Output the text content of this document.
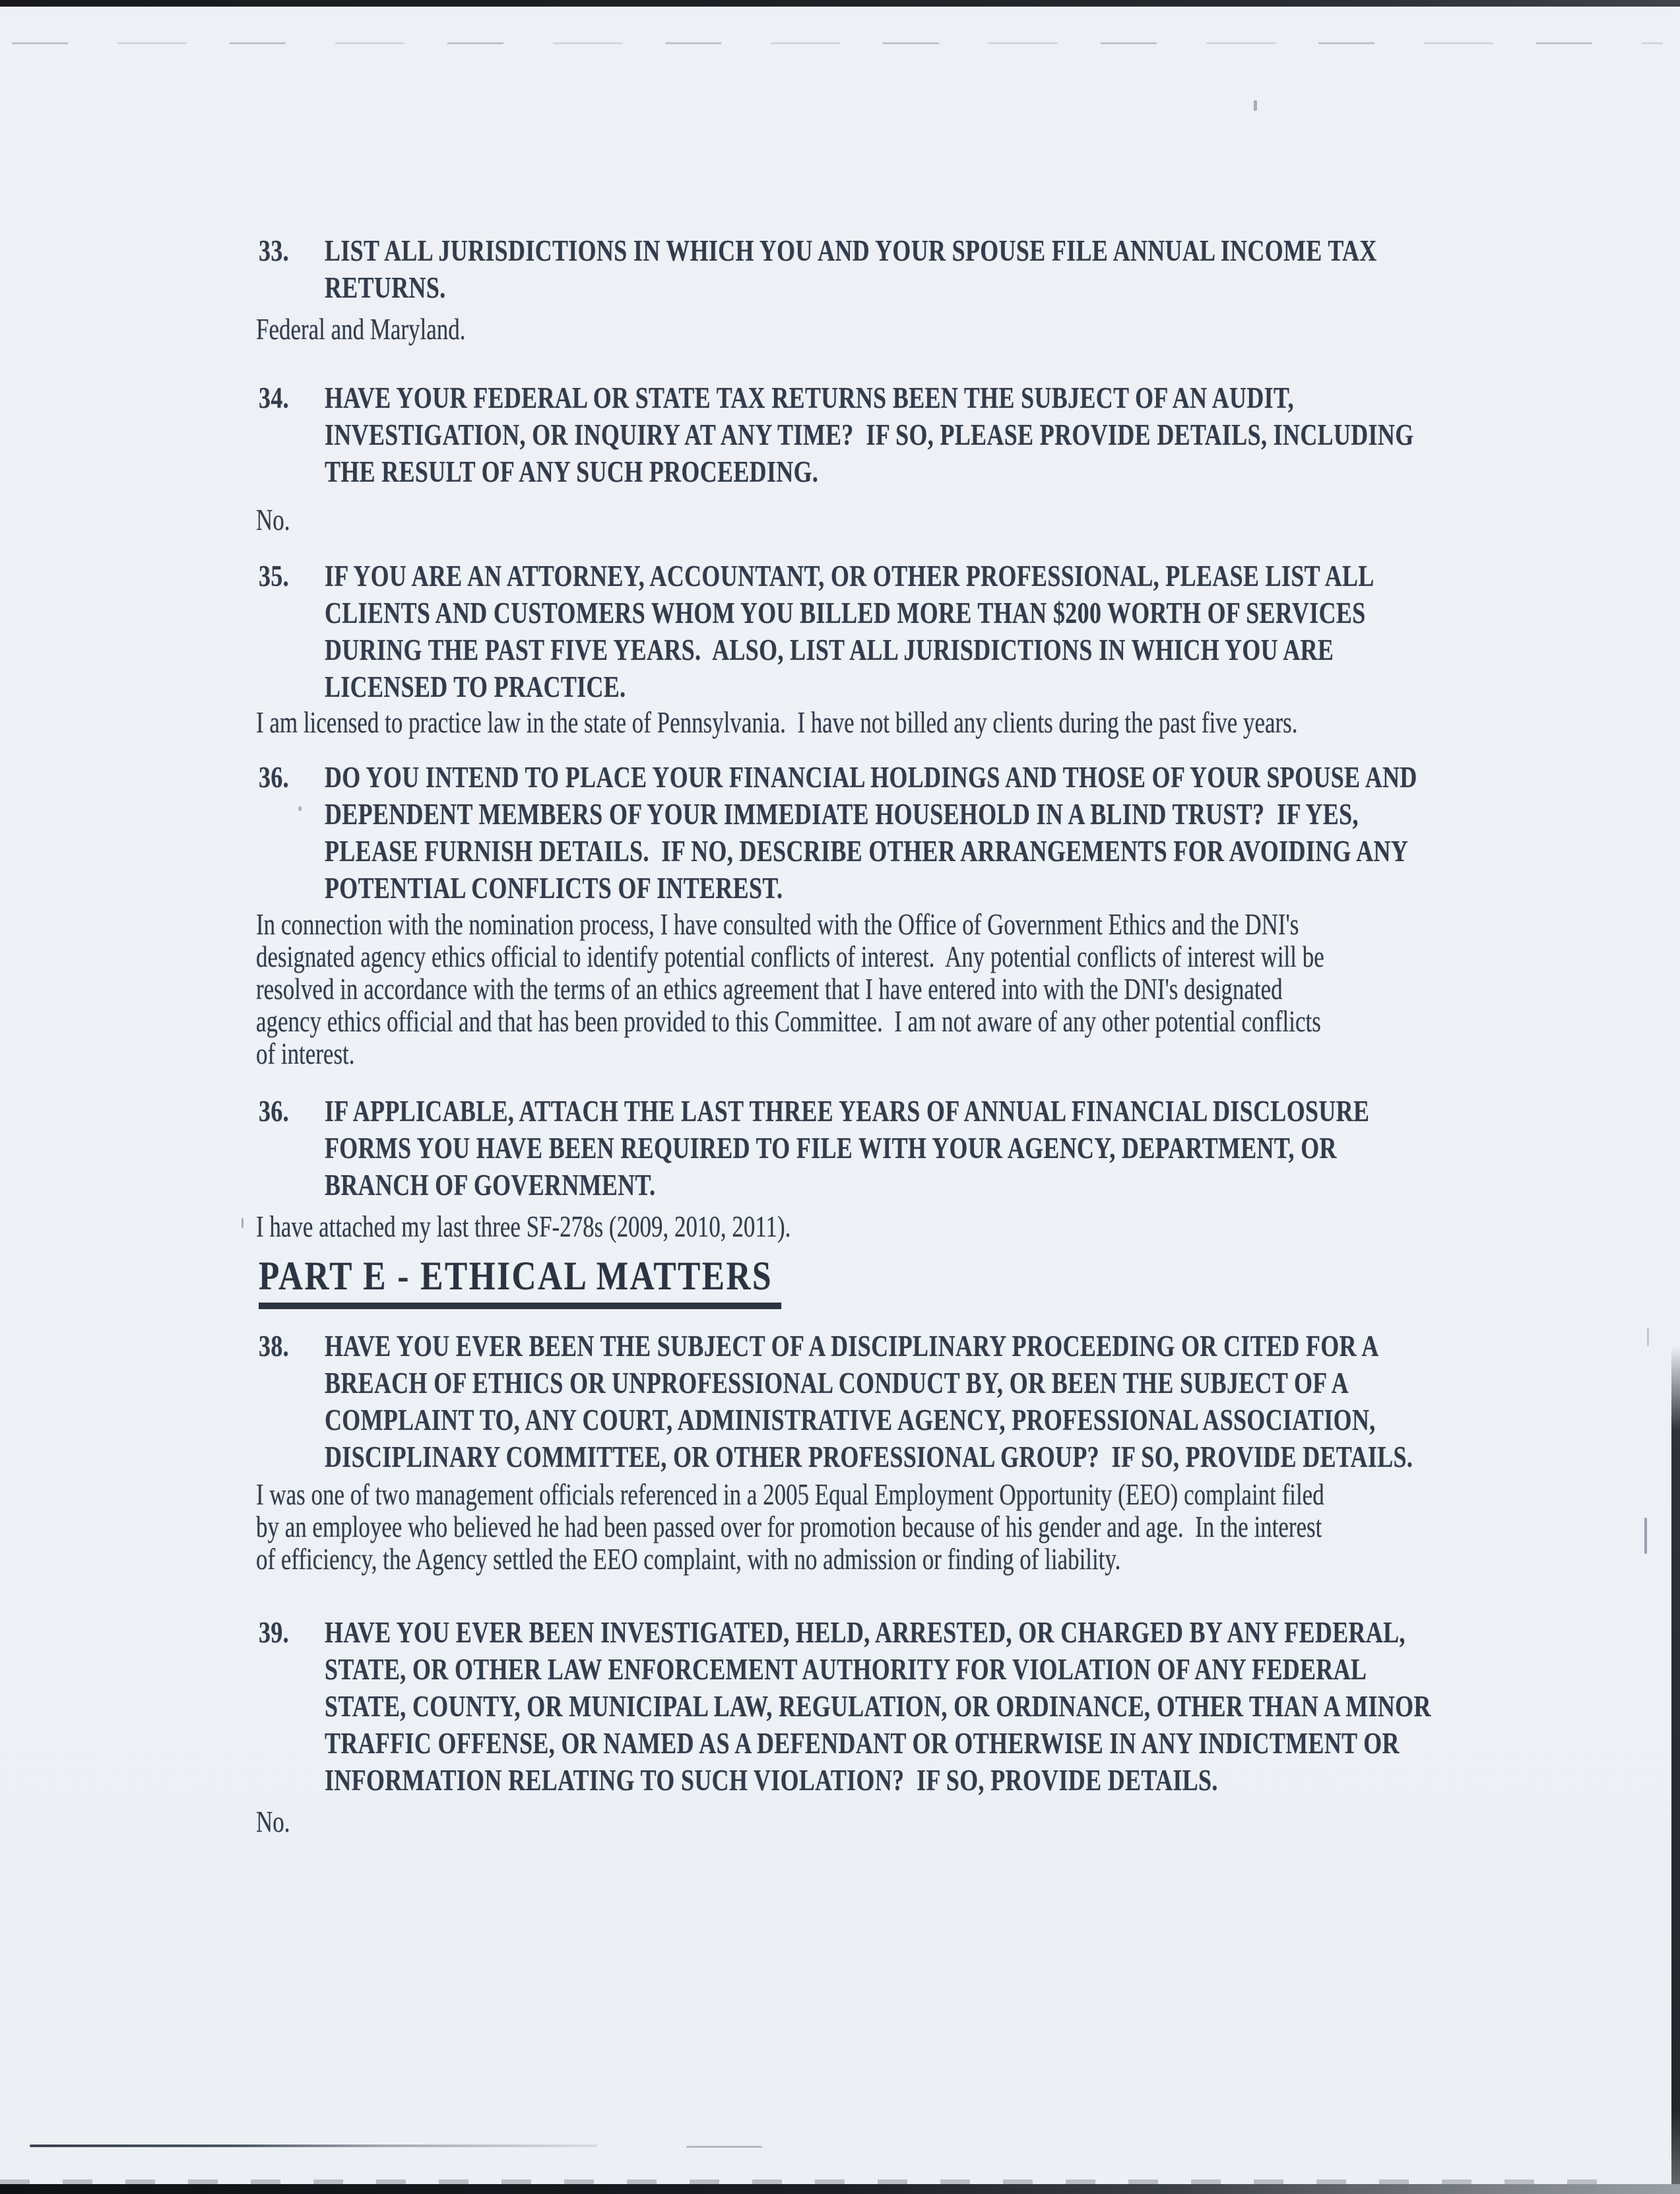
33.	LIST ALL JURISDICTIONS IN WHICH YOU AND YOUR SPOUSE FILE ANNUAL INCOME TAX
RETURNS.
Federal and Maryland.
34.	HAVE YOUR FEDERAL OR STATE TAX RETURNS BEEN THE SUBJECT OF AN AUDIT,
INVESTIGATION, OR INQUIRY AT ANY TIME?  IF SO, PLEASE PROVIDE DETAILS, INCLUDING
THE RESULT OF ANY SUCH PROCEEDING.
No.
35.	IF YOU ARE AN ATTORNEY, ACCOUNTANT, OR OTHER PROFESSIONAL, PLEASE LIST ALL
CLIENTS AND CUSTOMERS WHOM YOU BILLED MORE THAN $200 WORTH OF SERVICES
DURING THE PAST FIVE YEARS.  ALSO, LIST ALL JURISDICTIONS IN WHICH YOU ARE
LICENSED TO PRACTICE.
I am licensed to practice law in the state of Pennsylvania.  I have not billed any clients during the past five years.
36.	DO YOU INTEND TO PLACE YOUR FINANCIAL HOLDINGS AND THOSE OF YOUR SPOUSE AND
DEPENDENT MEMBERS OF YOUR IMMEDIATE HOUSEHOLD IN A BLIND TRUST?  IF YES,
PLEASE FURNISH DETAILS.  IF NO, DESCRIBE OTHER ARRANGEMENTS FOR AVOIDING ANY
POTENTIAL CONFLICTS OF INTEREST.
In connection with the nomination process, I have consulted with the Office of Government Ethics and the DNI's
designated agency ethics official to identify potential conflicts of interest.  Any potential conflicts of interest will be
resolved in accordance with the terms of an ethics agreement that I have entered into with the DNI's designated
agency ethics official and that has been provided to this Committee.  I am not aware of any other potential conflicts
of interest.
36.	IF APPLICABLE, ATTACH THE LAST THREE YEARS OF ANNUAL FINANCIAL DISCLOSURE
FORMS YOU HAVE BEEN REQUIRED TO FILE WITH YOUR AGENCY, DEPARTMENT, OR
BRANCH OF GOVERNMENT.
I have attached my last three SF-278s (2009, 2010, 2011).
PART E - ETHICAL MATTERS
38.	HAVE YOU EVER BEEN THE SUBJECT OF A DISCIPLINARY PROCEEDING OR CITED FOR A
BREACH OF ETHICS OR UNPROFESSIONAL CONDUCT BY, OR BEEN THE SUBJECT OF A
COMPLAINT TO, ANY COURT, ADMINISTRATIVE AGENCY, PROFESSIONAL ASSOCIATION,
DISCIPLINARY COMMITTEE, OR OTHER PROFESSIONAL GROUP?  IF SO, PROVIDE DETAILS.
I was one of two management officials referenced in a 2005 Equal Employment Opportunity (EEO) complaint filed
by an employee who believed he had been passed over for promotion because of his gender and age.  In the interest
of efficiency, the Agency settled the EEO complaint, with no admission or finding of liability.
39.	HAVE YOU EVER BEEN INVESTIGATED, HELD, ARRESTED, OR CHARGED BY ANY FEDERAL,
STATE, OR OTHER LAW ENFORCEMENT AUTHORITY FOR VIOLATION OF ANY FEDERAL
STATE, COUNTY, OR MUNICIPAL LAW, REGULATION, OR ORDINANCE, OTHER THAN A MINOR
TRAFFIC OFFENSE, OR NAMED AS A DEFENDANT OR OTHERWISE IN ANY INDICTMENT OR
INFORMATION RELATING TO SUCH VIOLATION?  IF SO, PROVIDE DETAILS.
No.
